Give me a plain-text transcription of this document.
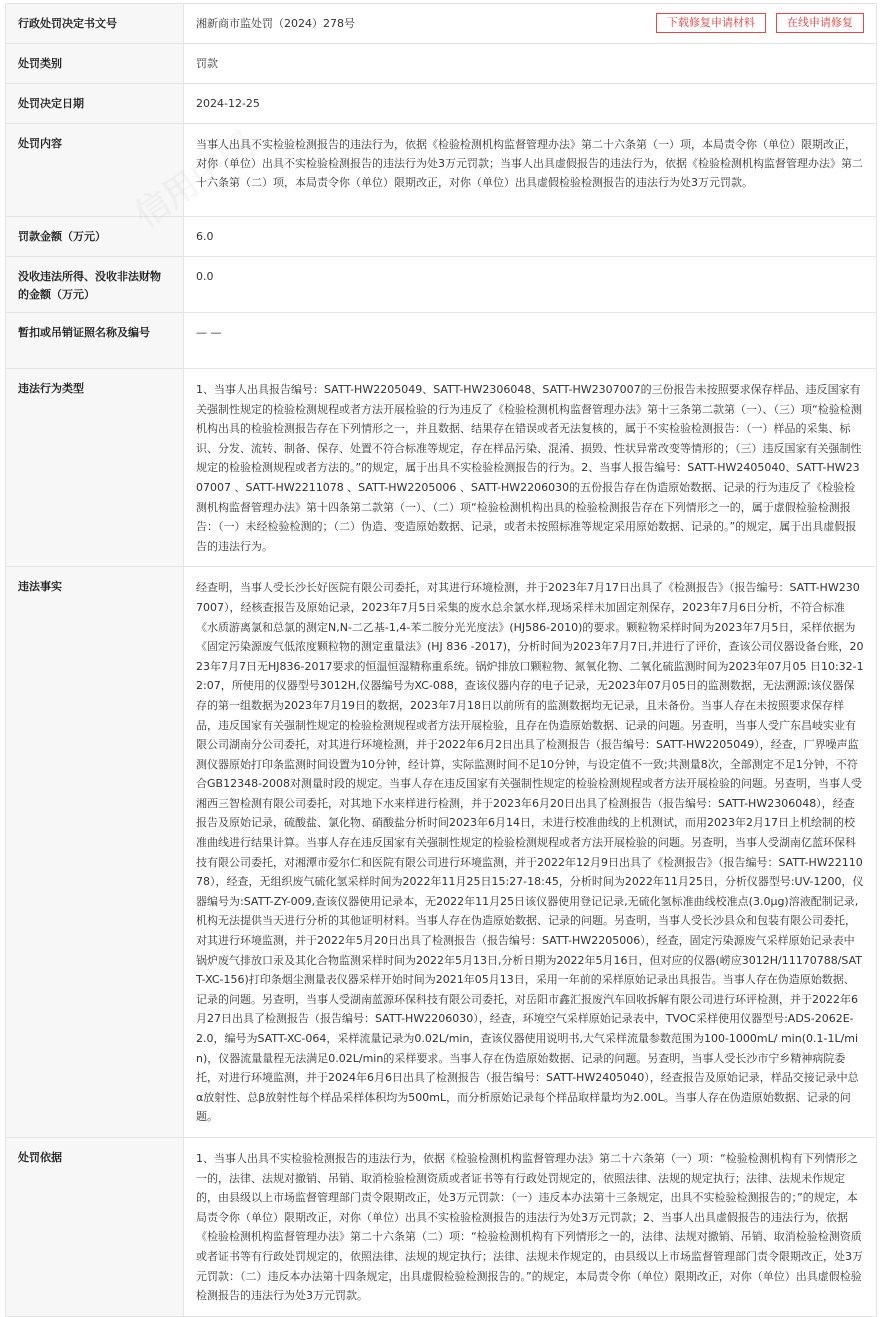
行政处罚决定书文号	湘新商市监处罚（2024）278号 下载修复申请材料 在线申请修复

处罚类别	罚款
处罚决定日期	2024-12-25
处罚内容	当事人出具不实检验检测报告的违法行为，依据《检验检测机构监督管理办法》第二十六条第（一）项，本局责令你（单位）限期改正，对你（单位）出具不实检验检测报告的违法行为处3万元罚款；当事人出具虚假报告的违法行为，依据《检验检测机构监督管理办法》第二十六条第（二）项，本局责令你（单位）限期改正，对你（单位）出具虚假检验检测报告的违法行为处3万元罚款。
罚款金额（万元）	6.0
没收违法所得、没收非法财物的金额（万元）	0.0
暂扣或吊销证照名称及编号	— —
违法行为类型	1、当事人出具报告编号：SATT-HW2205049、SATT-HW2306048、SATT-HW2307007的三份报告未按照要求保存样品、违反国家有关强制性规定的检验检测规程或者方法开展检验的行为违反了《检验检测机构监督管理办法》第十三条第二款第（一）、（三）项“检验检测机构出具的检验检测报告存在下列情形之一，并且数据、结果存在错误或者无法复核的，属于不实检验检测报告：（一）样品的采集、标识、分发、流转、制备、保存、处置不符合标准等规定，存在样品污染、混淆、损毁、性状异常改变等情形的；（三）违反国家有关强制性规定的检验检测规程或者方法的。”的规定，属于出具不实检验检测报告的行为。2、当事人报告编号：SATT-HW2405040、SATT-HW2307007 、SATT-HW2211078 、SATT-HW2205006 、SATT-HW2206030的五份报告存在伪造原始数据、记录的行为违反了《检验检测机构监督管理办法》第十四条第二款第（一）、（二）项“检验检测机构出具的检验检测报告存在下列情形之一的，属于虚假检验检测报告：（一）未经检验检测的；（二）伪造、变造原始数据、记录，或者未按照标准等规定采用原始数据、记录的。”的规定，属于出具虚假报告的违法行为。
违法事实	经查明，当事人受长沙长好医院有限公司委托，对其进行环境检测，并于2023年7月17日出具了《检测报告》（报告编号：SATT-HW2307007），经核查报告及原始记录，2023年7月5日采集的废水总余氯水样,现场采样未加固定剂保存，2023年7月6日分析，不符合标准《水质游离氯和总氯的测定N,N-二乙基-1,4-苯二胺分光光度法》(HJ586-2010)的要求。颗粒物采样时间为2023年7月5日，采样依据为《固定污染源废气低浓度颗粒物的测定重量法》(HJ 836 -2017)，分析时间为2023年7月7日,并进行了评价，查该公司仪器设备台账，2023年7月7日无HJ836-2017要求的恒温恒湿精称重系统。锅炉排放口颗粒物、氮氧化物、二氧化硫监测时间为2023年07月05 日10:32-12:07，所使用的仪器型号3012H,仪器编号为XC-088，查该仪器内存的电子记录，无2023年07月05日的监测数据，无法溯源;该仪器保存的第一组数据为2023年7月19日的数据，2023年7月18日以前所有的监测数据均无记录，且未备份。当事人存在未按照要求保存样品，违反国家有关强制性规定的检验检测规程或者方法开展检验，且存在伪造原始数据、记录的问题。另查明，当事人受广东昌岐实业有限公司湖南分公司委托，对其进行环境检测，并于2022年6月2日出具了检测报告（报告编号：SATT-HW2205049），经查，厂界噪声监测仪器原始打印条监测时间设置为10分钟，经计算，实际监测时间不足10分钟，与设定值不一致;共测量8次，全部测定不足1分钟，不符合GB12348-2008对测量时段的规定。当事人存在违反国家有关强制性规定的检验检测规程或者方法开展检验的问题。另查明，当事人受湘西三智检测有限公司委托，对其地下水来样进行检测，并于2023年6月20日出具了检测报告（报告编号：SATT-HW2306048），经查报告及原始记录，硫酸盐、氯化物、硝酸盐分析时间2023年6月14日，未进行校准曲线的上机测试，而用2023年2月17日上机绘制的校准曲线进行结果计算。当事人存在违反国家有关强制性规定的检验检测规程或者方法开展检验的问题。另查明，当事人受湖南亿蓝环保科技有限公司委托，对湘潭市爱尔仁和医院有限公司进行环境监测，并于2022年12月9日出具了《检测报告》（报告编号：SATT-HW2211078），经查，无组织废气硫化氢采样时间为2022年11月25日15:27-18:45，分析时间为2022年11月25日，分析仪器型号:UV-1200，仪器编号为:SATT-ZY-009,查该仪器使用记录本，无2022年11月25日该仪器使用登记记录,无硫化氢标准曲线校准点(3.0μg)溶液配制记录,机构无法提供当天进行分析的其他证明材料。当事人存在伪造原始数据、记录的问题。另查明，当事人受长沙县众和包装有限公司委托，对其进行环境监测，并于2022年5月20日出具了检测报告（报告编号：SATT-HW2205006），经查，固定污染源废气采样原始记录表中锅炉废气排放口汞及其化合物监测采样时间为2022年5月13日,分析日期为2022年5月16日，但对应的仪器(崂应3012H/11170788/SATT-XC-156)打印条烟尘测量表仪器采样开始时间为2021年05月13日，采用一年前的采样原始记录出具报告。当事人存在伪造原始数据、记录的问题。另查明，当事人受湖南蓝源环保科技有限公司委托，对岳阳市鑫汇报废汽车回收拆解有限公司进行环评检测，并于2022年6月27日出具了检测报告（报告编号：SATT-HW2206030），经查，环境空气采样原始记录表中，TVOC采样使用仪器型号:ADS-2062E-2.0，编号为SATT-XC-064，采样流量记录为0.02L/min，查该仪器使用说明书,大气采样流量参数范围为100-1000mL/ min(0.1-1L/min)，仪器流量量程无法满足0.02L/min的采样要求。当事人存在伪造原始数据、记录的问题。另查明，当事人受长沙市宁乡精神病院委托，对进行环境监测，并于2024年6月6日出具了检测报告（报告编号：SATT-HW2405040），经查报告及原始记录，样品交接记录中总α放射性、总β放射性每个样品采样体积均为500mL，而分析原始记录每个样品取样量均为2.00L。当事人存在伪造原始数据、记录的问题。
处罚依据	1、当事人出具不实检验检测报告的违法行为，依据《检验检测机构监督管理办法》第二十六条第（一）项：“检验检测机构有下列情形之一的，法律、法规对撤销、吊销、取消检验检测资质或者证书等有行政处罚规定的，依照法律、法规的规定执行；法律、法规未作规定的，由县级以上市场监督管理部门责令限期改正，处3万元罚款：（一）违反本办法第十三条规定，出具不实检验检测报告的；”的规定，本局责令你（单位）限期改正，对你（单位）出具不实检验检测报告的违法行为处3万元罚款；2、当事人出具虚假报告的违法行为，依据《检验检测机构监督管理办法》第二十六条第（二）项：“检验检测机构有下列情形之一的，法律、法规对撤销、吊销、取消检验检测资质或者证书等有行政处罚规定的，依照法律、法规的规定执行；法律、法规未作规定的，由县级以上市场监督管理部门责令限期改正，处3万元罚款：（二）违反本办法第十四条规定，出具虚假检验检测报告的。”的规定，本局责令你（单位）限期改正，对你（单位）出具虚假检验检测报告的违法行为处3万元罚款。
